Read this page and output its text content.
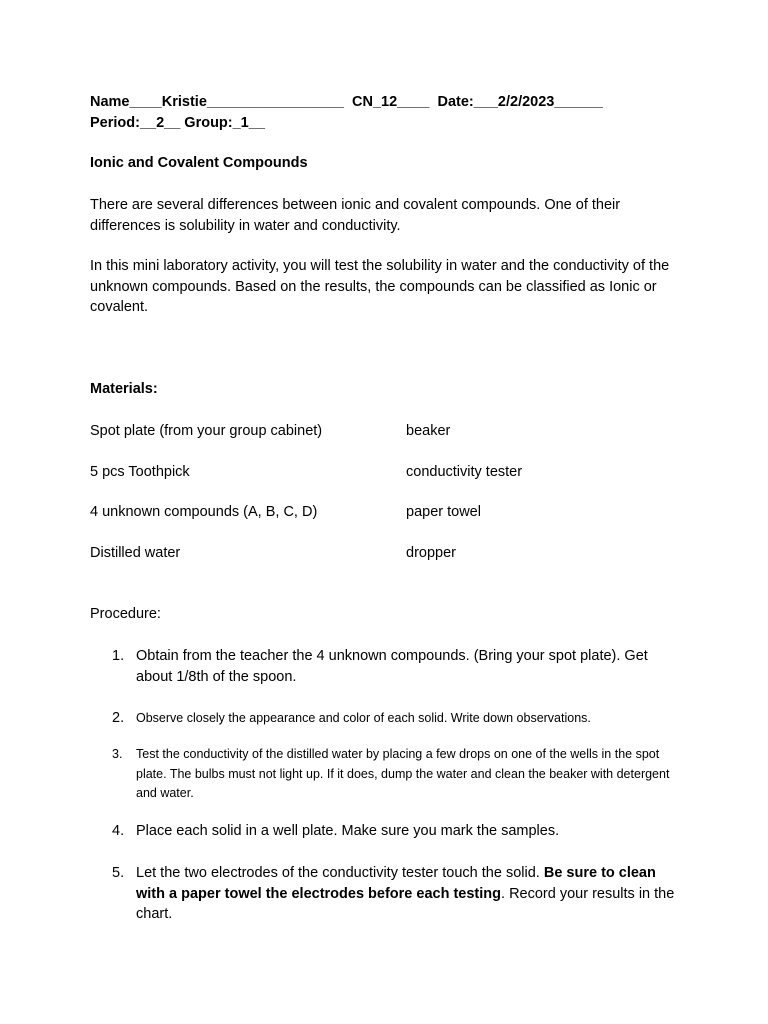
Name____Kristie_________________  CN_12____  Date:___2/2/2023______
Period:__2__ Group:_1__
Ionic and Covalent Compounds
There are several differences between ionic and covalent compounds. One of their differences is solubility in water and conductivity.
In this mini laboratory activity, you will test the solubility in water and the conductivity of the unknown compounds. Based on the results, the compounds can be classified as Ionic or covalent.
Materials:
Spot plate (from your group cabinet)	beaker
5 pcs Toothpick	conductivity tester
4 unknown compounds (A, B, C, D)	paper towel
Distilled water	dropper
Procedure:
1. Obtain from the teacher the 4 unknown compounds. (Bring your spot plate). Get about 1/8th of the spoon.
2. Observe closely the appearance and color of each solid. Write down observations.
3.	Test the conductivity of the distilled water by placing a few drops on one of the wells in the spot plate. The bulbs must not light up. If it does, dump the water and clean the beaker with detergent and water.
4. Place each solid in a well plate. Make sure you mark the samples.
5. Let the two electrodes of the conductivity tester touch the solid. Be sure to clean with a paper towel the electrodes before each testing. Record your results in the chart.
